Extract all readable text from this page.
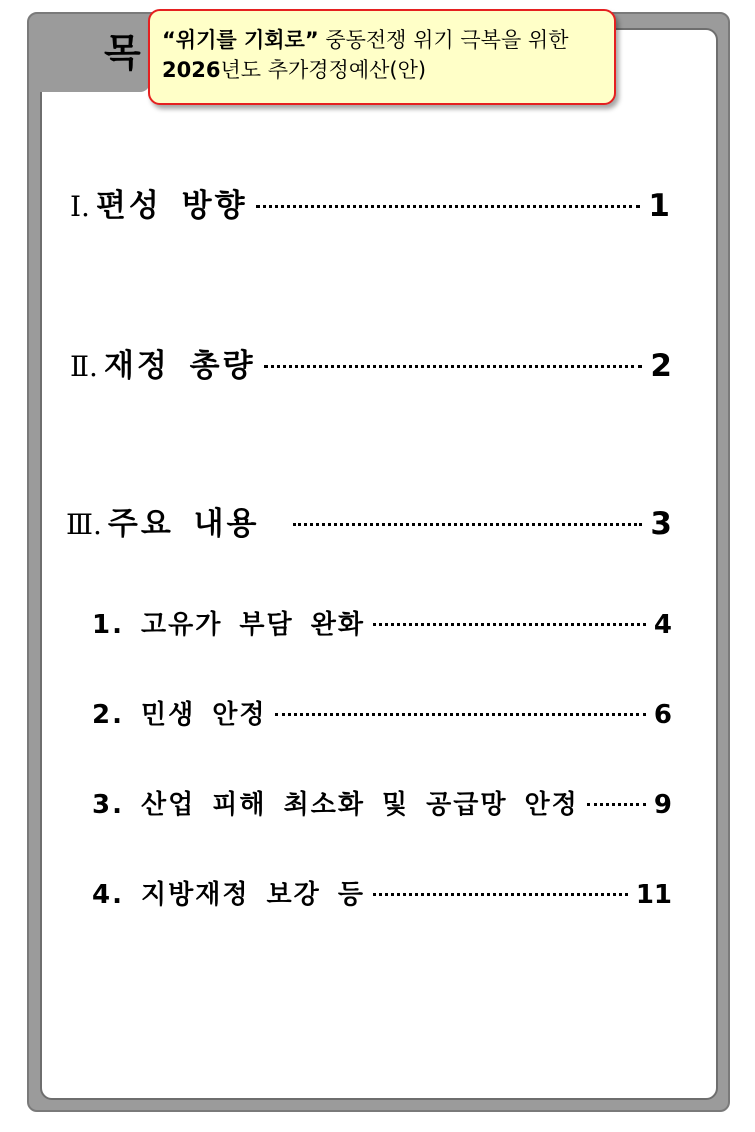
목 “위기를 기회로” 중동전쟁 위기 극복을 위한
2026년도 추가경정예산(안)
Ⅰ. 편성 방향	1
Ⅱ. 재정 총량	2
Ⅲ. 주요 내용	3
1. 고유가 부담 완화	4
2. 민생 안정	6
3. 산업 피해 최소화 및 공급망 안정	9
4. 지방재정 보강 등	11
